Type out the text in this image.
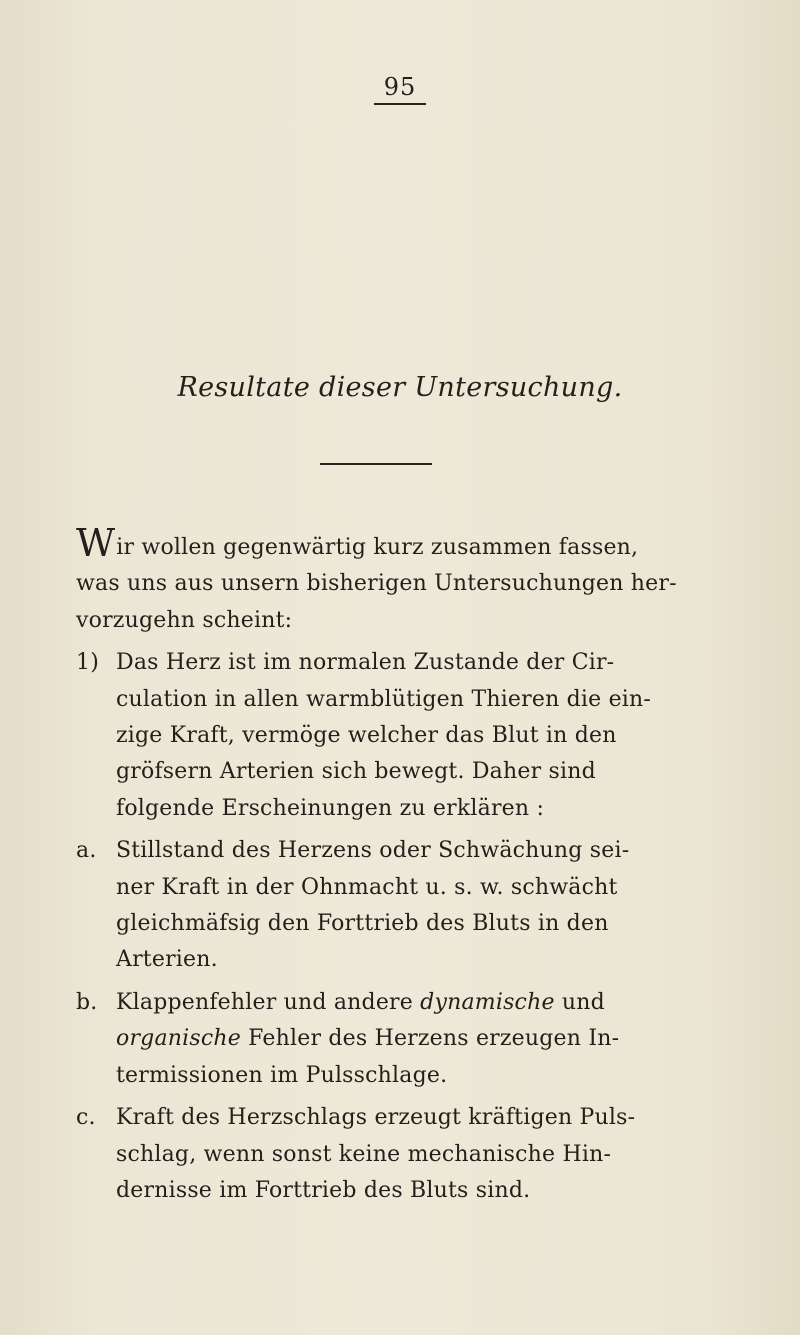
95
Resultate dieser Untersuchung.

Wir wollen gegenwärtig kurz zusammen fassen,
was uns aus unsern bisherigen Untersuchungen her-
vorzugehn scheint:

1) Das Herz ist im normalen Zustande der Cir-
culation in allen warmblütigen Thieren die ein-
zige Kraft, vermöge welcher das Blut in den
gröfsern Arterien sich bewegt. Daher sind
folgende Erscheinungen zu erklären :
a. Stillstand des Herzens oder Schwächung sei-
ner Kraft in der Ohnmacht u. s. w. schwächt
gleichmäfsig den Forttrieb des Bluts in den
Arterien.
b. Klappenfehler und andere dynamische und
organische Fehler des Herzens erzeugen In-
termissionen im Pulsschlage.
c. Kraft des Herzschlags erzeugt kräftigen Puls-
schlag, wenn sonst keine mechanische Hin-
dernisse im Forttrieb des Bluts sind.
